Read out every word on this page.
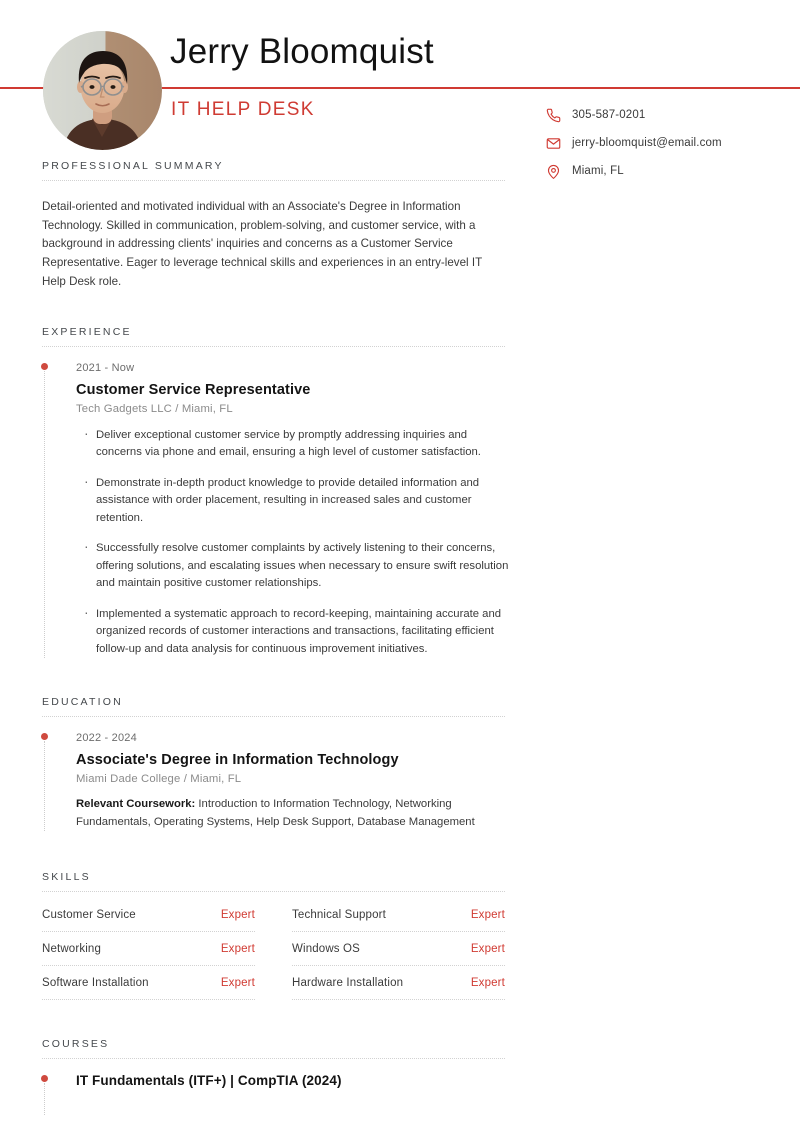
Jerry Bloomquist
IT HELP DESK	305-587-0201
jerry-bloomquist@email.com
Miami, FL
PROFESSIONAL SUMMARY
Detail-oriented and motivated individual with an Associate's Degree in Information Technology. Skilled in communication, problem-solving, and customer service, with a background in addressing clients' inquiries and concerns as a Customer Service Representative. Eager to leverage technical skills and experiences in an entry-level IT Help Desk role.
EXPERIENCE
2021 - Now
Customer Service Representative
Tech Gadgets LLC / Miami, FL
· Deliver exceptional customer service by promptly addressing inquiries and concerns via phone and email, ensuring a high level of customer satisfaction.
· Demonstrate in-depth product knowledge to provide detailed information and assistance with order placement, resulting in increased sales and customer retention.
· Successfully resolve customer complaints by actively listening to their concerns, offering solutions, and escalating issues when necessary to ensure swift resolution and maintain positive customer relationships.
· Implemented a systematic approach to record-keeping, maintaining accurate and organized records of customer interactions and transactions, facilitating efficient follow-up and data analysis for continuous improvement initiatives.
EDUCATION
2022 - 2024
Associate's Degree in Information Technology
Miami Dade College / Miami, FL
Relevant Coursework: Introduction to Information Technology, Networking Fundamentals, Operating Systems, Help Desk Support, Database Management
SKILLS
Customer Service	Expert	Technical Support	Expert
Networking	Expert	Windows OS	Expert
Software Installation	Expert	Hardware Installation	Expert
COURSES
IT Fundamentals (ITF+) | CompTIA (2024)
